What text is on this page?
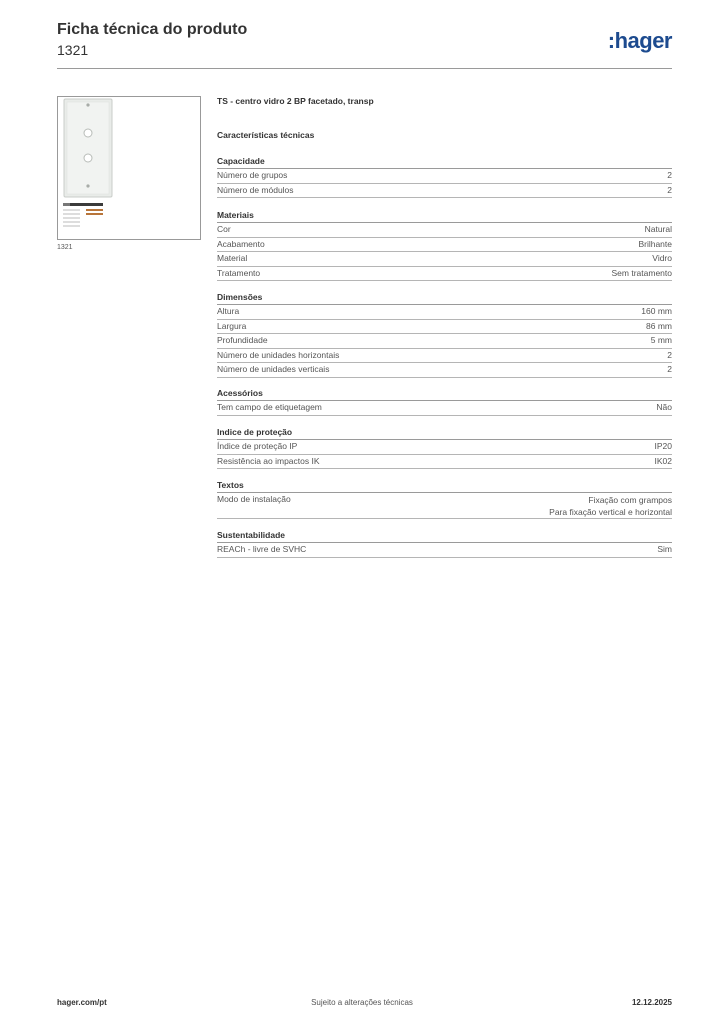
Ficha técnica do produto
1321	:hager
1321
TS - centro vidro 2 BP facetado, transp
Características técnicas
Capacidade
Número de grupos	2
Número de módulos	2
Materiais
Cor	Natural
Acabamento	Brilhante
Material	Vidro
Tratamento	Sem tratamento
Dimensões
Altura	160 mm
Largura	86 mm
Profundidade	5 mm
Número de unidades horizontais	2
Número de unidades verticais	2
Acessórios
Tem campo de etiquetagem	Não
Indice de proteção
Índice de proteção IP	IP20
Resistência ao impactos IK	IK02
Textos
Modo de instalação	Fixação com grampos
Para fixação vertical e horizontal
Sustentabilidade
REACh - livre de SVHC	Sim
hager.com/pt	Sujeito a alterações técnicas	12.12.2025
